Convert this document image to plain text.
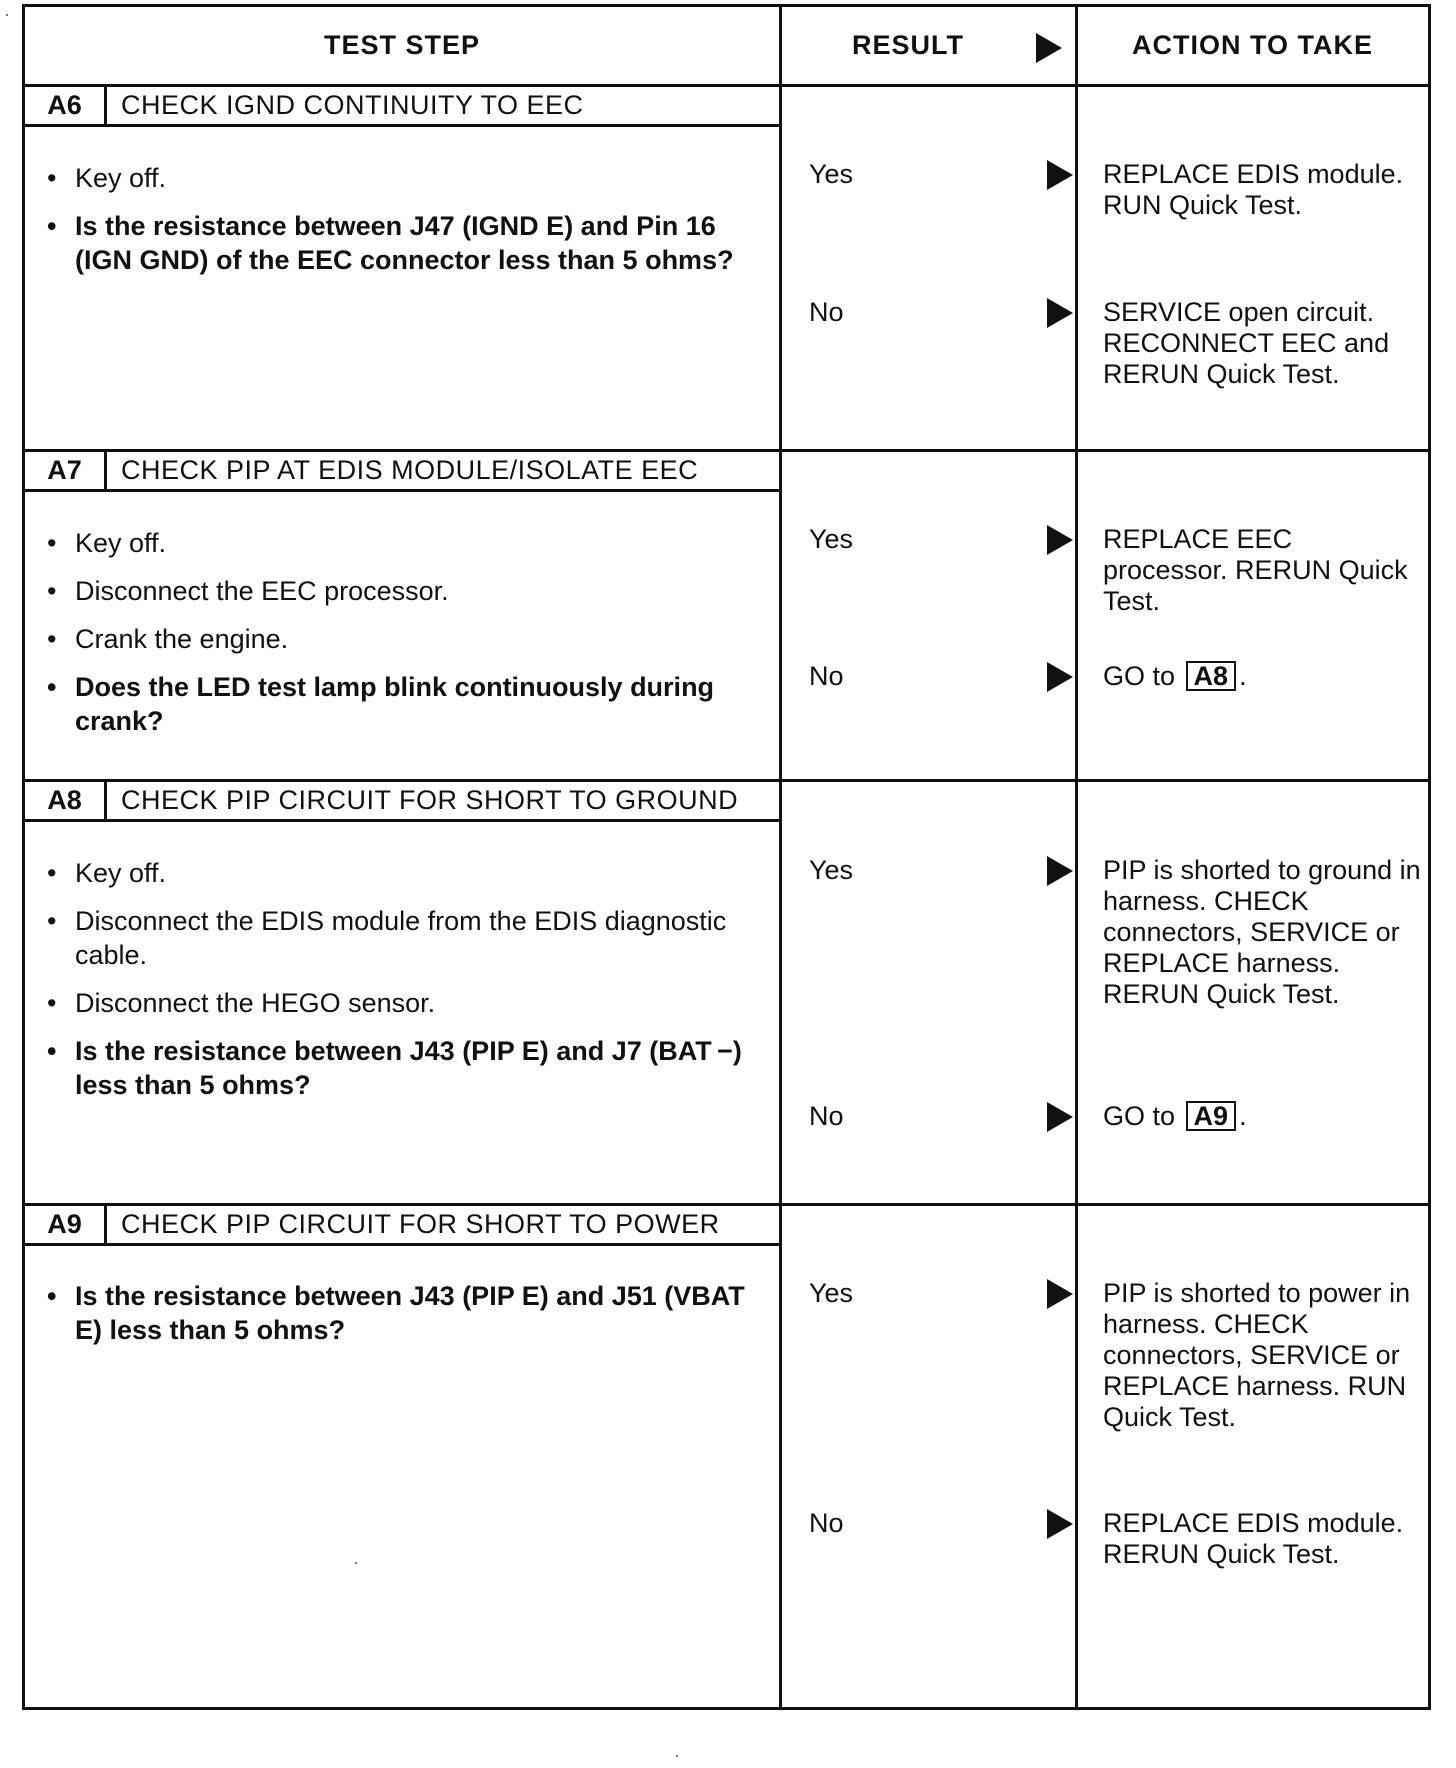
TEST STEP	RESULT	ACTION TO TAKE
A6	CHECK IGND CONTINUITY TO EEC
• Key off.
• Is the resistance between J47 (IGND E) and Pin 16 (IGN GND) of the EEC connector less than 5 ohms?
Yes	REPLACE EDIS module. RUN Quick Test.
No	SERVICE open circuit. RECONNECT EEC and RERUN Quick Test.
A7	CHECK PIP AT EDIS MODULE/ISOLATE EEC
• Key off.
• Disconnect the EEC processor.
• Crank the engine.
• Does the LED test lamp blink continuously during crank?
Yes	REPLACE EEC processor. RERUN Quick Test.
No	GO to A8 .
A8	CHECK PIP CIRCUIT FOR SHORT TO GROUND
• Key off.
• Disconnect the EDIS module from the EDIS diagnostic cable.
• Disconnect the HEGO sensor.
• Is the resistance between J43 (PIP E) and J7 (BAT −) less than 5 ohms?
Yes	PIP is shorted to ground in harness. CHECK connectors, SERVICE or REPLACE harness. RERUN Quick Test.
No	GO to A9 .
A9	CHECK PIP CIRCUIT FOR SHORT TO POWER
• Is the resistance between J43 (PIP E) and J51 (VBAT E) less than 5 ohms?
Yes	PIP is shorted to power in harness. CHECK connectors, SERVICE or REPLACE harness. RUN Quick Test.
No	REPLACE EDIS module. RERUN Quick Test.
